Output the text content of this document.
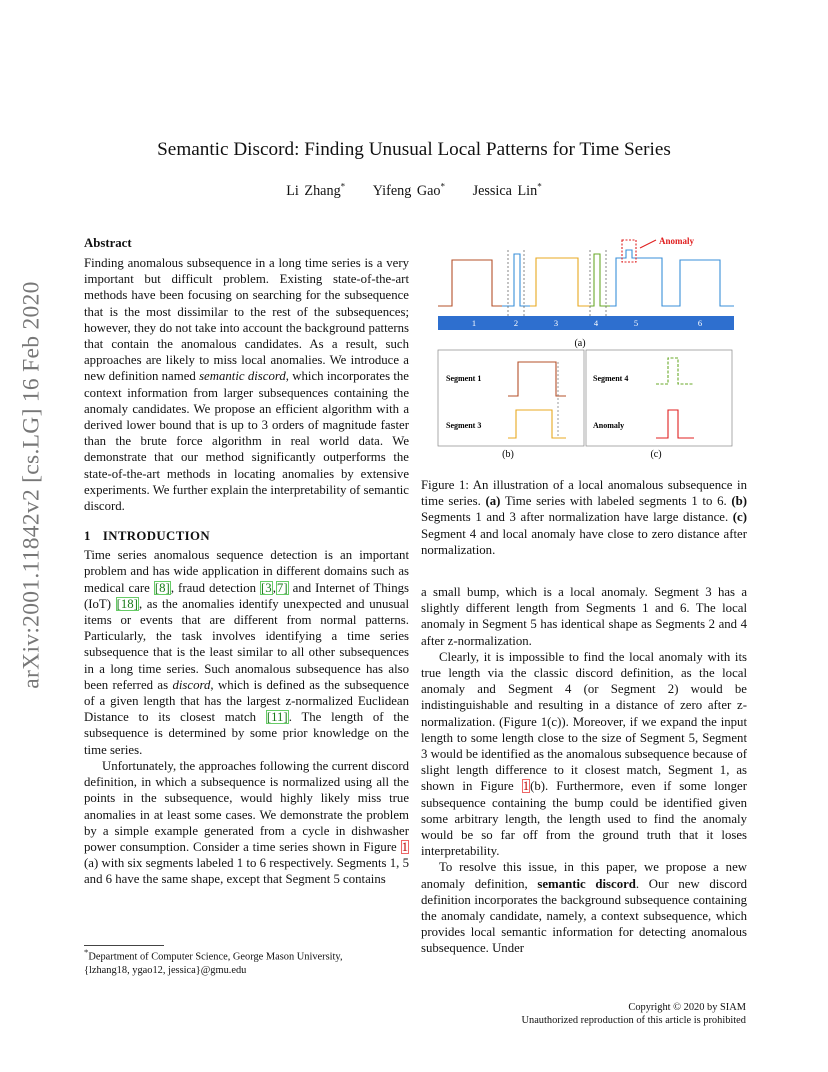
arXiv:2001.11842v2 [cs.LG] 16 Feb 2020
Semantic Discord: Finding Unusual Local Patterns for Time Series
Li Zhang* Yifeng Gao* Jessica Lin*
Abstract

Finding anomalous subsequence in a long time series is a very important but difficult problem. Existing state-of-the-art methods have been focusing on searching for the subsequence that is the most dissimilar to the rest of the subsequences; however, they do not take into account the background patterns that contain the anomalous candidates. As a result, such approaches are likely to miss local anomalies. We introduce a new definition named semantic discord, which incorporates the context information from larger subsequences containing the anomaly candidates. We propose an efficient algorithm with a derived lower bound that is up to 3 orders of magnitude faster than the brute force algorithm in real world data. We demonstrate that our method significantly outperforms the state-of-the-art methods in locating anomalies by extensive experiments. We further explain the interpretability of semantic discord.

1 INTRODUCTION

Time series anomalous sequence detection is an important problem and has wide application in different domains such as medical care [8], fraud detection [3,7] and Internet of Things (IoT) [18], as the anomalies identify unexpected and unusual items or events that are different from normal patterns. Particularly, the task involves identifying a time series subsequence that is the least similar to all other subsequences in a long time series. Such anomalous subsequence has also been referred as discord, which is defined as the subsequence of a given length that has the largest z-normalized Euclidean Distance to its closest match [11]. The length of the subsequence is determined by some prior knowledge on the time series.

Unfortunately, the approaches following the current discord definition, in which a subsequence is normalized using all the points in the subsequence, would highly likely miss true anomalies in at least some cases. We demonstrate the problem by a simple example generated from a cycle in dishwasher power consumption. Consider a time series shown in Figure 1 (a) with six segments labeled 1 to 6 respectively. Segments 1, 5 and 6 have the same shape, except that Segment 5 contains

*Department of Computer Science, George Mason University,
{lzhang18, ygao12, jessica}@gmu.edu
Anomaly
1	2	3	4	5	6
(a)
Segment 1
Segment 3
(b)
Segment 4
Anomaly
(c)
Figure 1: An illustration of a local anomalous subsequence in time series. (a) Time series with labeled segments 1 to 6. (b) Segments 1 and 3 after normalization have large distance. (c) Segment 4 and local anomaly have close to zero distance after normalization.

a small bump, which is a local anomaly. Segment 3 has a slightly different length from Segments 1 and 6. The local anomaly in Segment 5 has identical shape as Segments 2 and 4 after z-normalization.

Clearly, it is impossible to find the local anomaly with its true length via the classic discord definition, as the local anomaly and Segment 4 (or Segment 2) would be indistinguishable and resulting in a distance of zero after z-normalization. (Figure 1(c)). Moreover, if we expand the input length to some length close to the size of Segment 5, Segment 3 would be identified as the anomalous subsequence because of slight length difference to it closest match, Segment 1, as shown in Figure 1(b). Furthermore, even if some longer subsequence containing the bump could be identified given some arbitrary length, the length used to find the anomaly would be so far off from the ground truth that it loses interpretability.

To resolve this issue, in this paper, we propose a new anomaly definition, semantic discord. Our new discord definition incorporates the background subsequence containing the anomaly candidate, namely, a context subsequence, which provides local semantic information for detecting anomalous subsequence. Under

Copyright © 2020 by SIAM
Unauthorized reproduction of this article is prohibited
